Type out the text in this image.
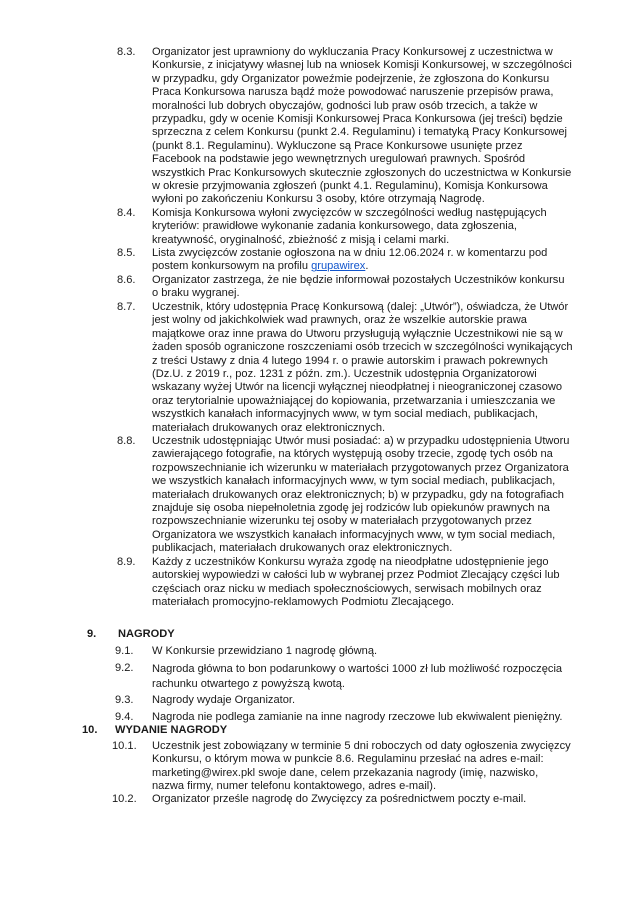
8.3. Organizator jest uprawniony do wykluczania Pracy Konkursowej z uczestnictwa w
Konkursie, z inicjatywy własnej lub na wniosek Komisji Konkursowej, w szczególności
w przypadku, gdy Organizator poweźmie podejrzenie, że zgłoszona do Konkursu
Praca Konkursowa narusza bądź może powodować naruszenie przepisów prawa,
moralności lub dobrych obyczajów, godności lub praw osób trzecich, a także w
przypadku, gdy w ocenie Komisji Konkursowej Praca Konkursowa (jej treści) będzie
sprzeczna z celem Konkursu (punkt 2.4. Regulaminu) i tematyką Pracy Konkursowej
(punkt 8.1. Regulaminu). Wykluczone są Prace Konkursowe usunięte przez
Facebook na podstawie jego wewnętrznych uregulowań prawnych. Spośród
wszystkich Prac Konkursowych skutecznie zgłoszonych do uczestnictwa w Konkursie
w okresie przyjmowania zgłoszeń (punkt 4.1. Regulaminu), Komisja Konkursowa
wyłoni po zakończeniu Konkursu 3 osoby, które otrzymają Nagrodę.
8.4. Komisja Konkursowa wyłoni zwycięzców w szczególności według następujących
kryteriów: prawidłowe wykonanie zadania konkursowego, data zgłoszenia,
kreatywność, oryginalność, zbieżność z misją i celami marki.
8.5. Lista zwycięzców zostanie ogłoszona na w dniu 12.06.2024 r. w komentarzu pod
postem konkursowym na profilu grupawirex.
8.6. Organizator zastrzega, że nie będzie informował pozostałych Uczestników konkursu
o braku wygranej.
8.7. Uczestnik, który udostępnia Pracę Konkursową (dalej: „Utwór”), oświadcza, że Utwór
jest wolny od jakichkolwiek wad prawnych, oraz że wszelkie autorskie prawa
majątkowe oraz inne prawa do Utworu przysługują wyłącznie Uczestnikowi nie są w
żaden sposób ograniczone roszczeniami osób trzecich w szczególności wynikających
z treści Ustawy z dnia 4 lutego 1994 r. o prawie autorskim i prawach pokrewnych
(Dz.U. z 2019 r., poz. 1231 z późn. zm.). Uczestnik udostępnia Organizatorowi
wskazany wyżej Utwór na licencji wyłącznej nieodpłatnej i nieograniczonej czasowo
oraz terytorialnie upoważniającej do kopiowania, przetwarzania i umieszczania we
wszystkich kanałach informacyjnych www, w tym social mediach, publikacjach,
materiałach drukowanych oraz elektronicznych.
8.8. Uczestnik udostępniając Utwór musi posiadać: a) w przypadku udostępnienia Utworu
zawierającego fotografie, na których występują osoby trzecie, zgodę tych osób na
rozpowszechnianie ich wizerunku w materiałach przygotowanych przez Organizatora
we wszystkich kanałach informacyjnych www, w tym social mediach, publikacjach,
materiałach drukowanych oraz elektronicznych; b) w przypadku, gdy na fotografiach
znajduje się osoba niepełnoletnia zgodę jej rodziców lub opiekunów prawnych na
rozpowszechnianie wizerunku tej osoby w materiałach przygotowanych przez
Organizatora we wszystkich kanałach informacyjnych www, w tym social mediach,
publikacjach, materiałach drukowanych oraz elektronicznych.
8.9. Każdy z uczestników Konkursu wyraża zgodę na nieodpłatne udostępnienie jego
autorskiej wypowiedzi w całości lub w wybranej przez Podmiot Zlecający części lub
częściach oraz nicku w mediach społecznościowych, serwisach mobilnych oraz
materiałach promocyjno-reklamowych Podmiotu Zlecającego.
9. NAGRODY
9.1. W Konkursie przewidziano 1 nagrodę główną.
9.2. Nagroda główna to bon podarunkowy o wartości 1000 zł lub możliwość rozpoczęcia
rachunku otwartego z powyższą kwotą.
9.3. Nagrody wydaje Organizator.
9.4. Nagroda nie podlega zamianie na inne nagrody rzeczowe lub ekwiwalent pieniężny.
10. WYDANIE NAGRODY
10.1. Uczestnik jest zobowiązany w terminie 5 dni roboczych od daty ogłoszenia zwycięzcy
Konkursu, o którym mowa w punkcie 8.6. Regulaminu przesłać na adres e-mail:
marketing@wirex.pkl swoje dane, celem przekazania nagrody (imię, nazwisko,
nazwa firmy, numer telefonu kontaktowego, adres e-mail).
10.2. Organizator prześle nagrodę do Zwycięzcy za pośrednictwem poczty e-mail.
